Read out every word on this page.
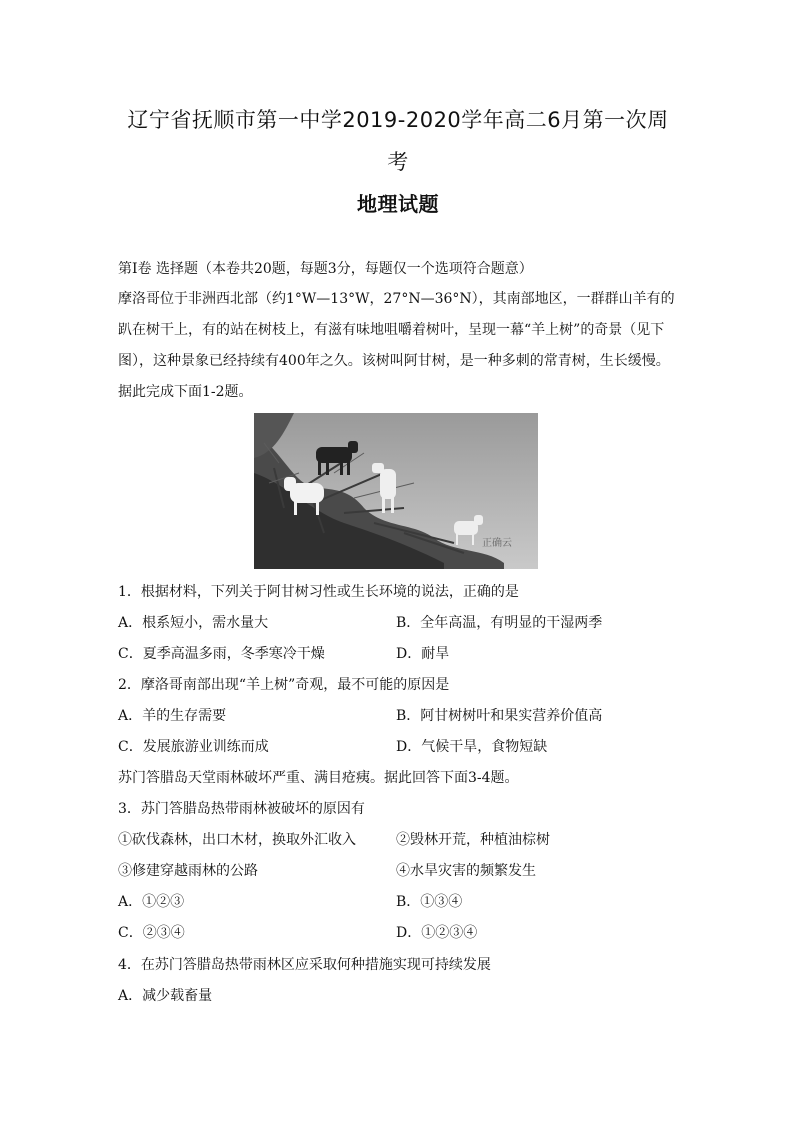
辽宁省抚顺市第一中学2019-2020学年高二6月第一次周
考
地理试题
第Ⅰ卷 选择题（本卷共20题，每题3分，每题仅一个选项符合题意）
摩洛哥位于非洲西北部（约1°W—13°W，27°N—36°N），其南部地区，一群群山羊有的
趴在树干上，有的站在树枝上，有滋有味地咀嚼着树叶，呈现一幕“羊上树”的奇景（见下
图），这种景象已经持续有400年之久。该树叫阿甘树，是一种多刺的常青树，生长缓慢。
据此完成下面1-2题。
正确云
1．根据材料，下列关于阿甘树习性或生长环境的说法，正确的是
A．根系短小，需水量大	B．全年高温，有明显的干湿两季
C．夏季高温多雨，冬季寒冷干燥	D．耐旱
2．摩洛哥南部出现“羊上树”奇观，最不可能的原因是
A．羊的生存需要	B．阿甘树树叶和果实营养价值高
C．发展旅游业训练而成	D．气候干旱，食物短缺
苏门答腊岛天堂雨林破坏严重、满目疮痍。据此回答下面3-4题。
3．苏门答腊岛热带雨林被破坏的原因有
①砍伐森林，出口木材，换取外汇收入	②毁林开荒，种植油棕树
③修建穿越雨林的公路	④水旱灾害的频繁发生
A．①②③	B．①③④
C．②③④	D．①②③④
4．在苏门答腊岛热带雨林区应采取何种措施实现可持续发展
A．减少载畜量
